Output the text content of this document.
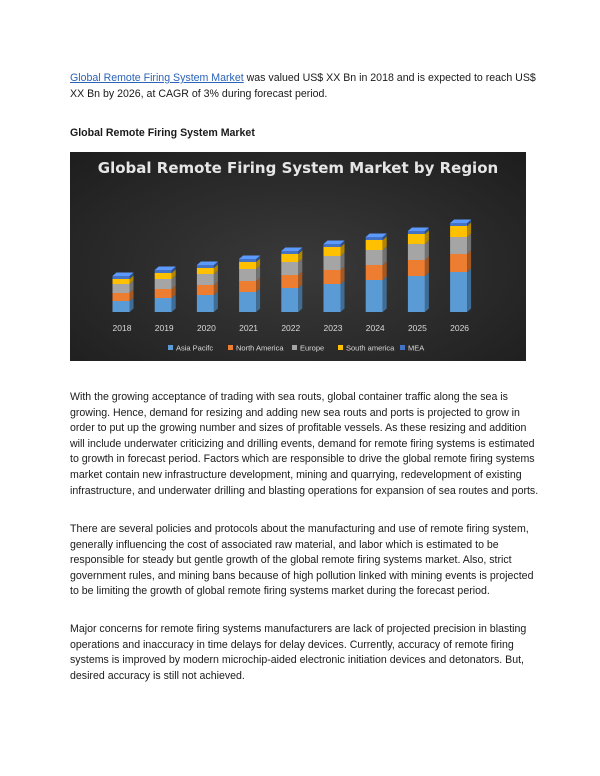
Global Remote Firing System Market was valued US$ XX Bn in 2018 and is expected to reach US$ XX Bn by 2026, at CAGR of 3% during forecast period.
Global Remote Firing System Market
Global Remote Firing System Market by Region
2018	2019	2020	2021	2022	2023	2024	2025	2026
Asia Pacifc	North America Europe	South america MEA

With the growing acceptance of trading with sea routs, global container traffic along the sea is growing. Hence, demand for resizing and adding new sea routs and ports is projected to grow in order to put up the growing number and sizes of profitable vessels. As these resizing and addition will include underwater criticizing and drilling events, demand for remote firing systems is estimated to growth in forecast period. Factors which are responsible to drive the global remote firing systems market contain new infrastructure development, mining and quarrying, redevelopment of existing infrastructure, and underwater drilling and blasting operations for expansion of sea routes and ports.

There are several policies and protocols about the manufacturing and use of remote firing system, generally influencing the cost of associated raw material, and labor which is estimated to be responsible for steady but gentle growth of the global remote firing systems market. Also, strict government rules, and mining bans because of high pollution linked with mining events is projected to be limiting the growth of global remote firing systems market during the forecast period.

Major concerns for remote firing systems manufacturers are lack of projected precision in blasting operations and inaccuracy in time delays for delay devices. Currently, accuracy of remote firing systems is improved by modern microchip-aided electronic initiation devices and detonators. But, desired accuracy is still not achieved.
